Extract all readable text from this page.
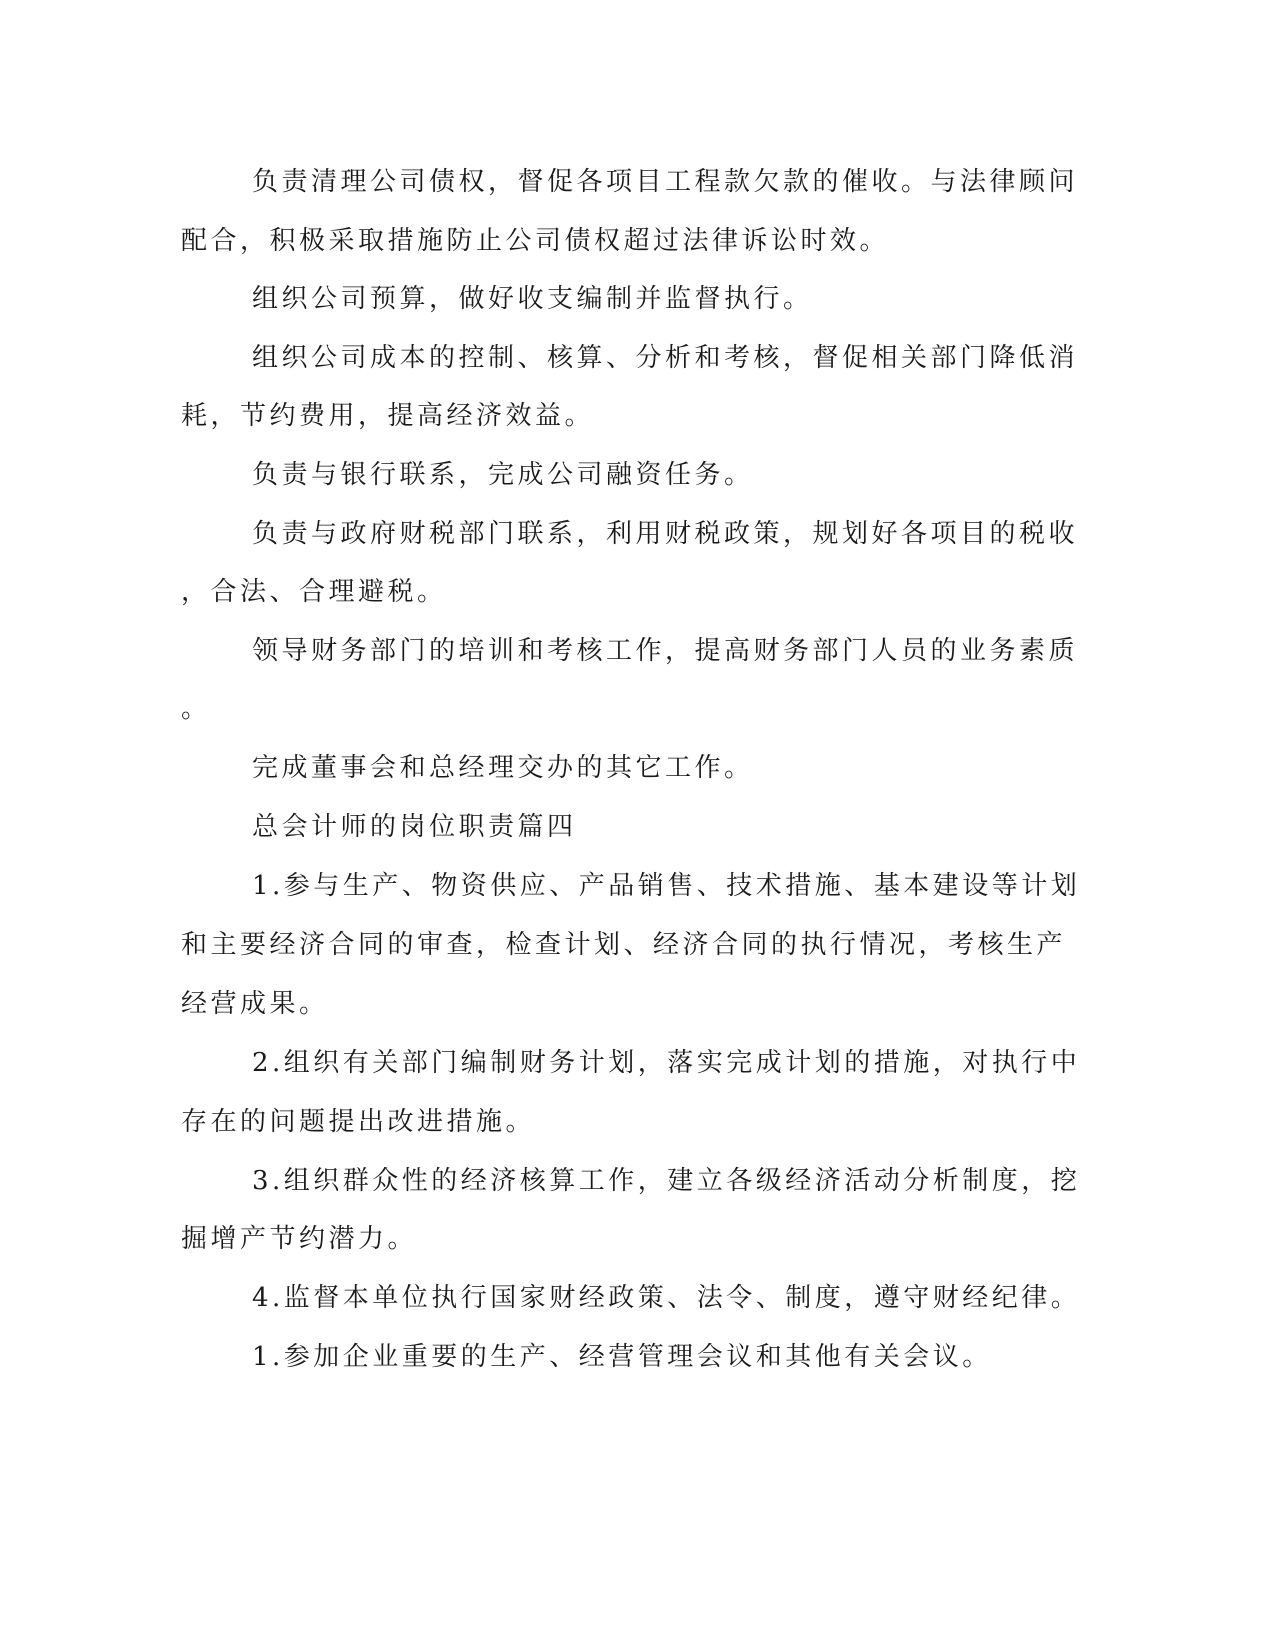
负责清理公司债权，督促各项目工程款欠款的催收。与法律顾问
配合，积极采取措施防止公司债权超过法律诉讼时效。
组织公司预算，做好收支编制并监督执行。
组织公司成本的控制、核算、分析和考核，督促相关部门降低消
耗，节约费用，提高经济效益。
负责与银行联系，完成公司融资任务。
负责与政府财税部门联系，利用财税政策，规划好各项目的税收
，合法、合理避税。
领导财务部门的培训和考核工作，提高财务部门人员的业务素质
。
完成董事会和总经理交办的其它工作。
总会计师的岗位职责篇四
1.参与生产、物资供应、产品销售、技术措施、基本建设等计划
和主要经济合同的审查，检查计划、经济合同的执行情况，考核生产
经营成果。
2.组织有关部门编制财务计划，落实完成计划的措施，对执行中
存在的问题提出改进措施。
3.组织群众性的经济核算工作，建立各级经济活动分析制度，挖
掘增产节约潜力。
4.监督本单位执行国家财经政策、法令、制度，遵守财经纪律。
1.参加企业重要的生产、经营管理会议和其他有关会议。
